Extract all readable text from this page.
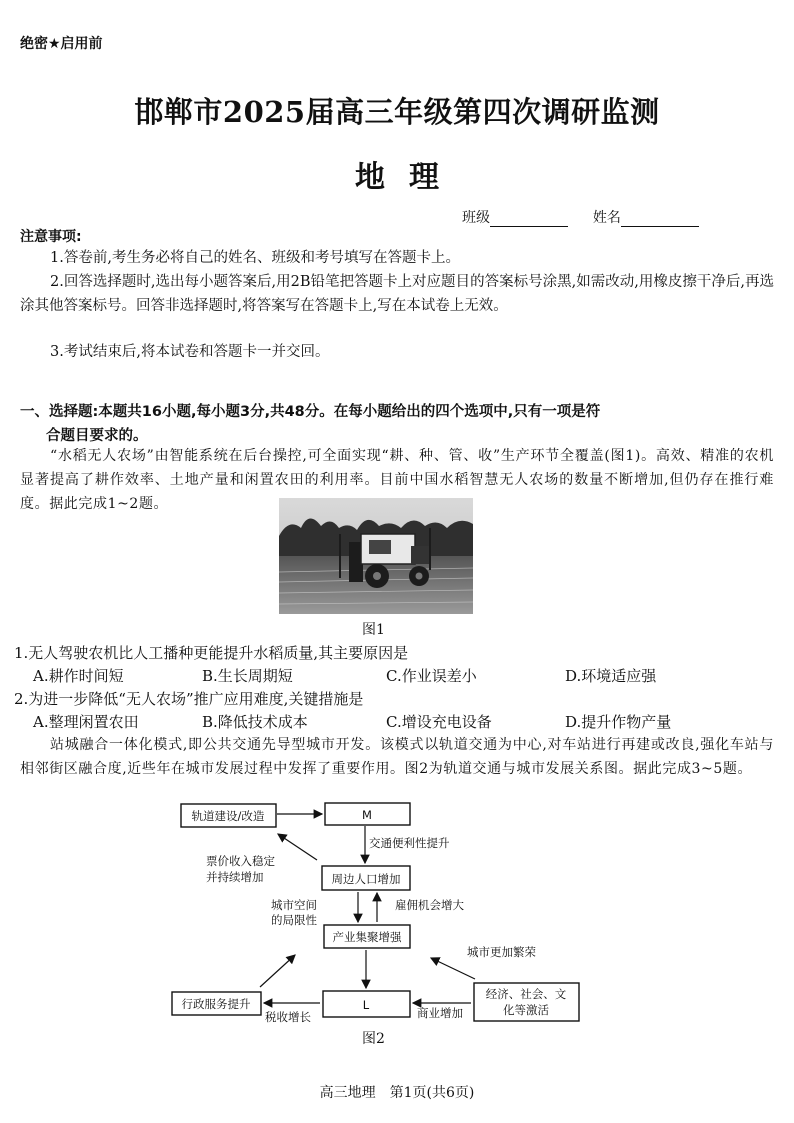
绝密★启用前
邯郸市2025届高三年级第四次调研监测
地理
班级	姓名
注意事项:
1.答卷前,考生务必将自己的姓名、班级和考号填写在答题卡上。
2.回答选择题时,选出每小题答案后,用2B铅笔把答题卡上对应题目的答案标号涂黑,如需改动,用橡皮擦干净后,再选涂其他答案标号。回答非选择题时,将答案写在答题卡上,写在本试卷上无效。
3.考试结束后,将本试卷和答题卡一并交回。
一、选择题:本题共16小题,每小题3分,共48分。在每小题给出的四个选项中,只有一项是符
合题目要求的。
“水稻无人农场”由智能系统在后台操控,可全面实现“耕、种、管、收”生产环节全覆盖(图1)。高效、精准的农机显著提高了耕作效率、土地产量和闲置农田的利用率。目前中国水稻智慧无人农场的数量不断增加,但仍存在推行难度。据此完成1~2题。
图1
1.无人驾驶农机比人工播种更能提升水稻质量,其主要原因是
A.耕作时间短	B.生长周期短	C.作业误差小	D.环境适应强
2.为进一步降低“无人农场”推广应用难度,关键措施是
A.整理闲置农田	B.降低技术成本	C.增设充电设备	D.提升作物产量
站城融合一体化模式,即公共交通先导型城市开发。该模式以轨道交通为中心,对车站进行再建或改良,强化车站与相邻街区融合度,近些年在城市发展过程中发挥了重要作用。图2为轨道交通与城市发展关系图。据此完成3~5题。
轨道建设/改造	M
周边人口增加
产业集聚增强
L
行政服务提升
经济、社会、文
化等激活
票价收入稳定
并持续增加
交通便利性提升
城市空间
的局限性
雇佣机会增大
城市更加繁荣
税收增长	商业增加
图2
高三地理　第1页(共6页)
